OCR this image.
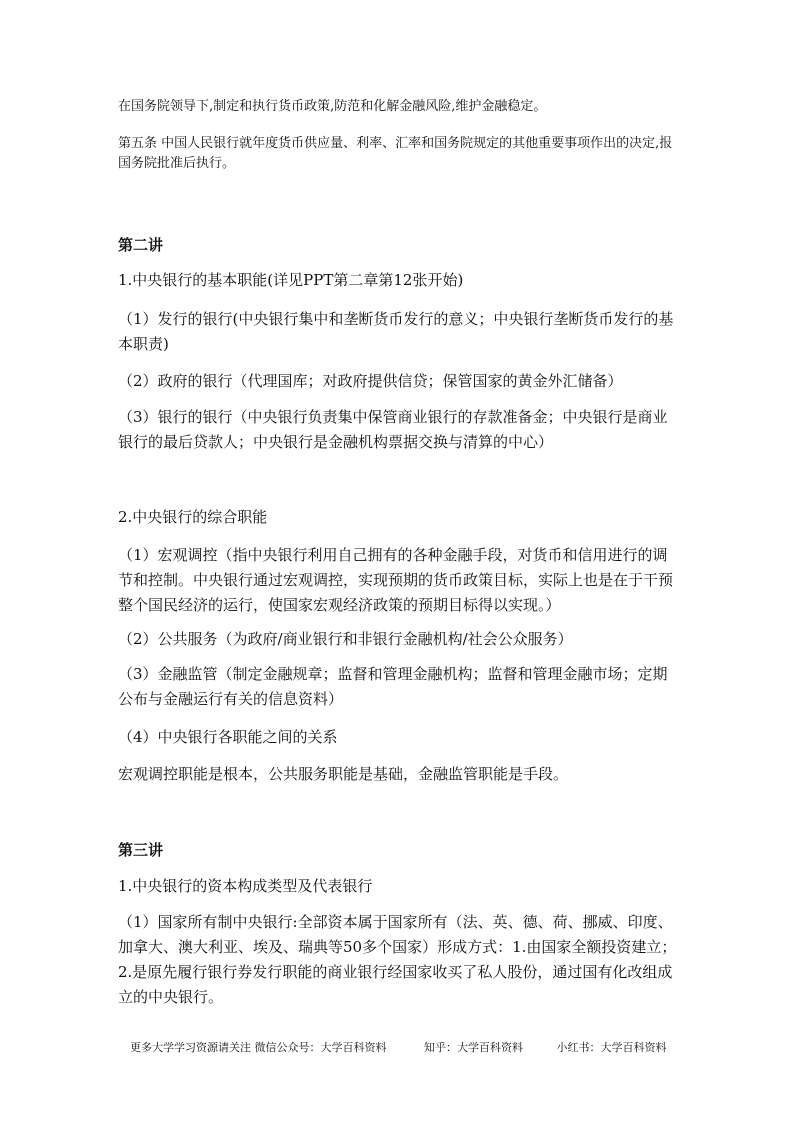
在国务院领导下,制定和执行货币政策,防范和化解金融风险,维护金融稳定。

第五条 中国人民银行就年度货币供应量、利率、汇率和国务院规定的其他重要事项作出的决定,报国务院批准后执行。

第二讲

1.中央银行的基本职能(详见PPT第二章第12张开始)

（1）发行的银行(中央银行集中和垄断货币发行的意义；中央银行垄断货币发行的基本职责)

（2）政府的银行（代理国库；对政府提供信贷；保管国家的黄金外汇储备）

（3）银行的银行（中央银行负责集中保管商业银行的存款准备金；中央银行是商业银行的最后贷款人；中央银行是金融机构票据交换与清算的中心）

2.中央银行的综合职能

（1）宏观调控（指中央银行利用自己拥有的各种金融手段，对货币和信用进行的调节和控制。中央银行通过宏观调控，实现预期的货币政策目标，实际上也是在于干预整个国民经济的运行，使国家宏观经济政策的预期目标得以实现。）

（2）公共服务（为政府/商业银行和非银行金融机构/社会公众服务）

（3）金融监管（制定金融规章；监督和管理金融机构；监督和管理金融市场；定期公布与金融运行有关的信息资料）

（4）中央银行各职能之间的关系

宏观调控职能是根本，公共服务职能是基础，金融监管职能是手段。

第三讲

1.中央银行的资本构成类型及代表银行

（1）国家所有制中央银行:全部资本属于国家所有（法、英、德、荷、挪威、印度、加拿大、澳大利亚、埃及、瑞典等50多个国家）形成方式：1.由国家全额投资建立；2.是原先履行银行券发行职能的商业银行经国家收买了私人股份，通过国有化改组成立的中央银行。

更多大学学习资源请关注 微信公众号：大学百科资料	知乎：大学百科资料	小红书：大学百科资料
